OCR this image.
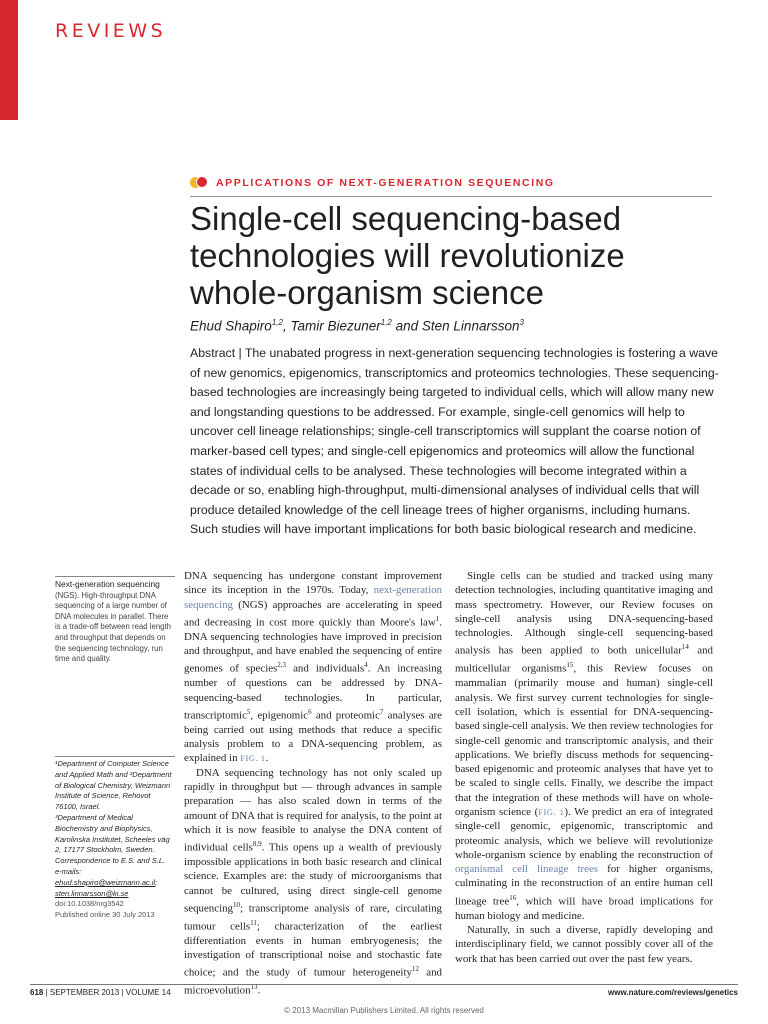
REVIEWS
APPLICATIONS OF NEXT-GENERATION SEQUENCING
Single-cell sequencing-based technologies will revolutionize whole-organism science
Ehud Shapiro$^{1,2}$, Tamir Biezuner$^{1,2}$ and Sten Linnarsson$^3$
Abstract | The unabated progress in next-generation sequencing technologies is fostering a wave of new genomics, epigenomics, transcriptomics and proteomics technologies. These sequencing-based technologies are increasingly being targeted to individual cells, which will allow many new and longstanding questions to be addressed. For example, single-cell genomics will help to uncover cell lineage relationships; single-cell transcriptomics will supplant the coarse notion of marker-based cell types; and single-cell epigenomics and proteomics will allow the functional states of individual cells to be analysed. These technologies will become integrated within a decade or so, enabling high-throughput, multi-dimensional analyses of individual cells that will produce detailed knowledge of the cell lineage trees of higher organisms, including humans. Such studies will have important implications for both basic biological research and medicine.
Next-generation sequencing
(NGS). High-throughput DNA sequencing of a large number of DNA molecules in parallel. There is a trade-off between read length and throughput that depends on the sequencing technology, run time and quality.
¹Department of Computer Science and Applied Math and ²Department of Biological Chemistry, Weizmann Institute of Science, Rehovot 76100, Israel.
³Department of Medical Biochemistry and Biophysics, Karolinska Institutet, Scheeles väg 2, 17177 Stockholm, Sweden.
Correspondence to E.S. and S.L.
e-mails: ehud.shapiro@weizmann.ac.il;
sten.linnarsson@ki.se
doi:10.1038/nrg3542
Published online 30 July 2013

DNA sequencing has undergone constant improvement since its inception in the 1970s. Today, next-generation sequencing (NGS) approaches are accelerating in speed and decreasing in cost more quickly than Moore's law$^1$. DNA sequencing technologies have improved in precision and throughput, and have enabled the sequencing of entire genomes of species$^{2,3}$ and individuals$^4$. An increasing number of questions can be addressed by DNA-sequencing-based technologies. In particular, transcriptomic$^5$, epigenomic$^6$ and proteomic$^7$ analyses are being carried out using methods that reduce a specific analysis problem to a DNA-sequencing problem, as explained in FIG. 1.

DNA sequencing technology has not only scaled up rapidly in throughput but — through advances in sample preparation — has also scaled down in terms of the amount of DNA that is required for analysis, to the point at which it is now feasible to analyse the DNA content of individual cells$^{8,9}$. This opens up a wealth of previously impossible applications in both basic research and clinical science. Examples are: the study of microorganisms that cannot be cultured, using direct single-cell genome sequencing$^{10}$; transcriptome analysis of rare, circulating tumour cells$^{11}$; characterization of the earliest differentiation events in human embryogenesis; the investigation of transcriptional noise and stochastic fate choice; and the study of tumour heterogeneity$^{12}$ and microevolution$^{13}$.

Single cells can be studied and tracked using many detection technologies, including quantitative imaging and mass spectrometry. However, our Review focuses on single-cell analysis using DNA-sequencing-based technologies. Although single-cell sequencing-based analysis has been applied to both unicellular$^{14}$ and multicellular organisms$^{15}$, this Review focuses on mammalian (primarily mouse and human) single-cell analysis. We first survey current technologies for single-cell isolation, which is essential for DNA-sequencing-based single-cell analysis. We then review technologies for single-cell genomic and transcriptomic analysis, and their applications. We briefly discuss methods for sequencing-based epigenomic and proteomic analyses that have yet to be scaled to single cells. Finally, we describe the impact that the integration of these methods will have on whole-organism science (FIG. 1). We predict an era of integrated single-cell genomic, epigenomic, transcriptomic and proteomic analysis, which we believe will revolutionize whole-organism science by enabling the reconstruction of organismal cell lineage trees for higher organisms, culminating in the reconstruction of an entire human cell lineage tree$^{16}$, which will have broad implications for human biology and medicine.

Naturally, in such a diverse, rapidly developing and interdisciplinary field, we cannot possibly cover all of the work that has been carried out over the past few years.

618 | SEPTEMBER 2013 | VOLUME 14	www.nature.com/reviews/genetics
© 2013 Macmillan Publishers Limited. All rights reserved
